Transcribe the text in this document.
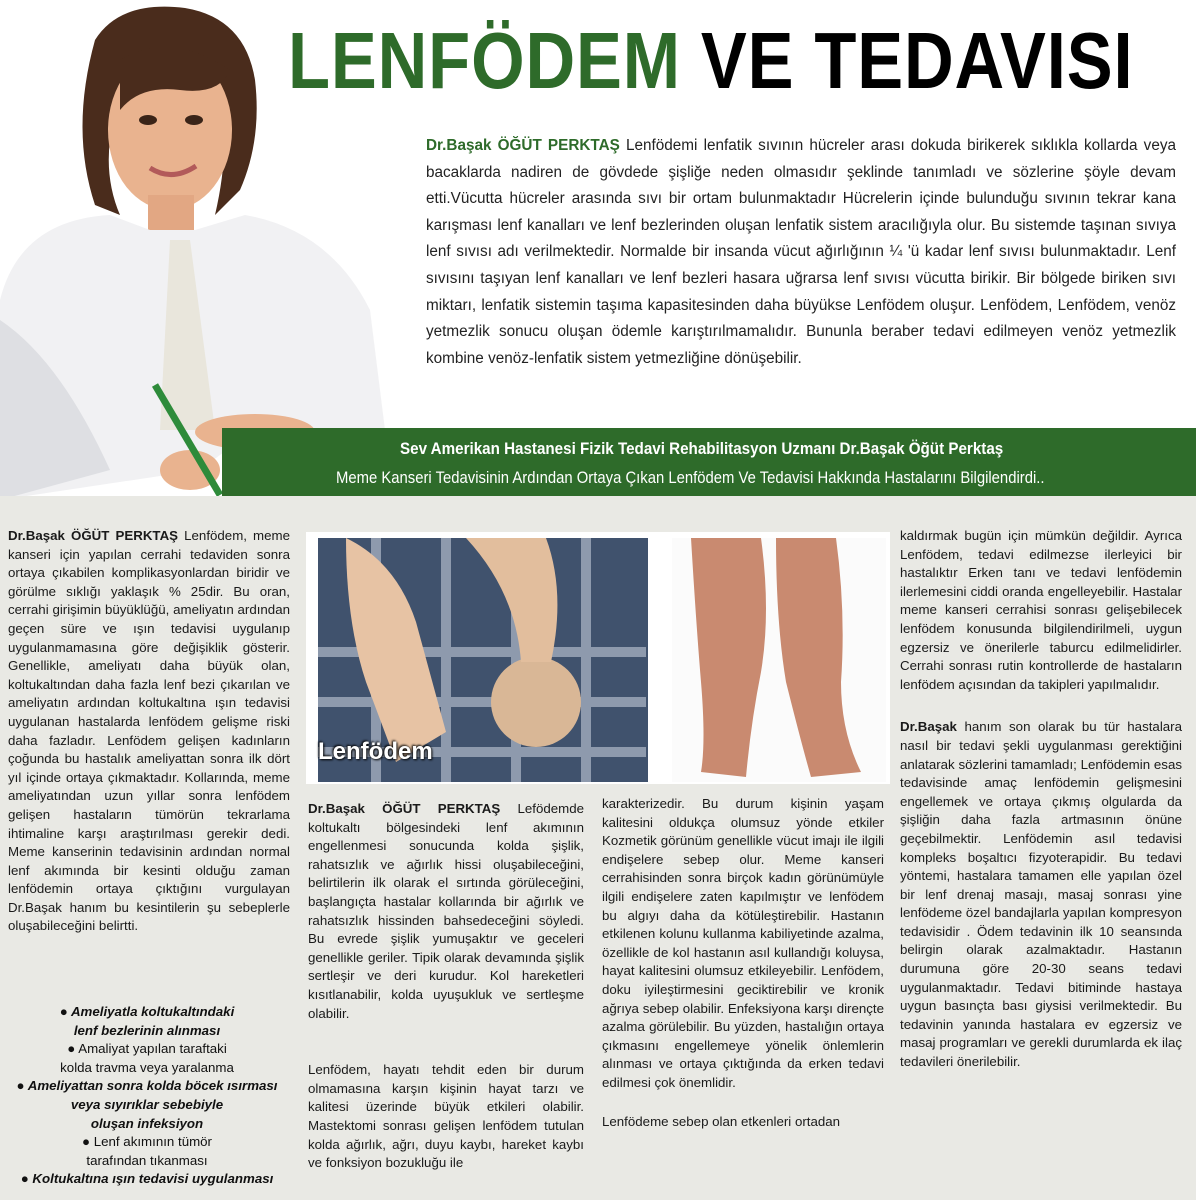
LENFÖDEM VE TEDAVISI
Dr.Başak ÖĞÜT PERKTAŞ Lenfödemi lenfatik sıvının hücreler arası dokuda birikerek sıklıkla kollarda veya bacaklarda nadiren de gövdede şişliğe neden olmasıdır şeklinde tanımladı ve sözlerine şöyle devam etti.Vücutta hücreler arasında sıvı bir ortam bulunmaktadır Hücrelerin içinde bulunduğu sıvının tekrar kana karışması lenf kanalları ve lenf bezlerinden oluşan lenfatik sistem aracılığıyla olur. Bu sistemde taşınan sıvıya lenf sıvısı adı verilmektedir. Normalde bir insanda vücut ağırlığının ¼ 'ü kadar lenf sıvısı bulunmaktadır. Lenf sıvısını taşıyan lenf kanalları ve lenf bezleri hasara uğrarsa lenf sıvısı vücutta birikir. Bir bölgede biriken sıvı miktarı, lenfatik sistemin taşıma kapasitesinden daha büyükse Lenfödem oluşur. Lenfödem, Lenfödem, venöz yetmezlik sonucu oluşan ödemle karıştırılmamalıdır. Bununla beraber tedavi edilmeyen venöz yetmezlik kombine venöz-lenfatik sistem yetmezliğine dönüşebilir.
Sev Amerikan Hastanesi Fizik Tedavi Rehabilitasyon Uzmanı Dr.Başak Öğüt Perktaş
Meme Kanseri Tedavisinin Ardından Ortaya Çıkan Lenfödem Ve Tedavisi Hakkında Hastalarını Bilgilendirdi..
Lenfödem

Dr.Başak ÖĞÜT PERKTAŞ Lenfödem, meme kanseri için yapılan cerrahi tedaviden sonra ortaya çıkabilen komplikasyonlardan biridir ve görülme sıklığı yaklaşık % 25dir. Bu oran, cerrahi girişimin büyüklüğü, ameliyatın ardından geçen süre ve ışın tedavisi uygulanıp uygulanmamasına göre değişiklik gösterir. Genellikle, ameliyatı daha büyük olan, koltukaltından daha fazla lenf bezi çıkarılan ve ameliyatın ardından koltukaltına ışın tedavisi uygulanan hastalarda lenfödem gelişme riski daha fazladır. Lenfödem gelişen kadınların çoğunda bu hastalık ameliyattan sonra ilk dört yıl içinde ortaya çıkmaktadır. Kollarında, meme ameliyatından uzun yıllar sonra lenfödem gelişen hastaların tümörün tekrarlama ihtimaline karşı araştırılması gerekir dedi. Meme kanserinin tedavisinin ardından normal lenf akımında bir kesinti olduğu zaman lenfödemin ortaya çıktığını vurgulayan Dr.Başak hanım bu kesintilerin şu sebeplerle oluşabileceğini belirtti.

● Ameliyatla koltukaltındaki
lenf bezlerinin alınması
● Amaliyat yapılan taraftaki
kolda travma veya yaralanma
● Ameliyattan sonra kolda böcek ısırması
veya sıyırıklar sebebiyle
oluşan infeksiyon
● Lenf akımının tümör
tarafından tıkanması
● Koltukaltına ışın tedavisi uygulanması

Dr.Başak ÖĞÜT PERKTAŞ Lefödemde koltukaltı bölgesindeki lenf akımının engellenmesi sonucunda kolda şişlik, rahatsızlık ve ağırlık hissi oluşabileceğini, belirtilerin ilk olarak el sırtında görüleceğini, başlangıçta hastalar kollarında bir ağırlık ve rahatsızlık hissinden bahsedeceğini söyledi. Bu evrede şişlik yumuşaktır ve geceleri genellikle geriler. Tipik olarak devamında şişlik sertleşir ve deri kurudur. Kol hareketleri kısıtlanabilir, kolda uyuşukluk ve sertleşme olabilir.

Lenfödem, hayatı tehdit eden bir durum olmamasına karşın kişinin hayat tarzı ve kalitesi üzerinde büyük etkileri olabilir. Mastektomi sonrası gelişen lenfödem tutulan kolda ağırlık, ağrı, duyu kaybı, hareket kaybı ve fonksiyon bozukluğu ile

karakterizedir. Bu durum kişinin yaşam kalitesini oldukça olumsuz yönde etkiler Kozmetik görünüm genellikle vücut imajı ile ilgili endişelere sebep olur. Meme kanseri cerrahisinden sonra birçok kadın görünümüyle ilgili endişelere zaten kapılmıştır ve lenfödem bu algıyı daha da kötüleştirebilir. Hastanın etkilenen kolunu kullanma kabiliyetinde azalma, özellikle de kol hastanın asıl kullandığı koluysa, hayat kalitesini olumsuz etkileyebilir. Lenfödem, doku iyileştirmesini geciktirebilir ve kronik ağrıya sebep olabilir. Enfeksiyona karşı dirençte azalma görülebilir. Bu yüzden, hastalığın ortaya çıkmasını engellemeye yönelik önlemlerin alınması ve ortaya çıktığında da erken tedavi edilmesi çok önemlidir.

Lenfödeme sebep olan etkenleri ortadan

kaldırmak bugün için mümkün değildir. Ayrıca Lenfödem, tedavi edilmezse ilerleyici bir hastalıktır Erken tanı ve tedavi lenfödemin ilerlemesini ciddi oranda engelleyebilir. Hastalar meme kanseri cerrahisi sonrası gelişebilecek lenfödem konusunda bilgilendirilmeli, uygun egzersiz ve önerilerle taburcu edilmelidirler. Cerrahi sonrası rutin kontrollerde de hastaların lenfödem açısından da takipleri yapılmalıdır.

Dr.Başak hanım son olarak bu tür hastalara nasıl bir tedavi şekli uygulanması gerektiğini anlatarak sözlerini tamamladı; Lenfödemin esas tedavisinde amaç lenfödemin gelişmesini engellemek ve ortaya çıkmış olgularda da şişliğin daha fazla artmasının önüne geçebilmektir. Lenfödemin asıl tedavisi kompleks boşaltıcı fizyoterapidir. Bu tedavi yöntemi, hastalara tamamen elle yapılan özel bir lenf drenaj masajı, masaj sonrası yine lenfödeme özel bandajlarla yapılan kompresyon tedavisidir . Ödem tedavinin ilk 10 seansında belirgin olarak azalmaktadır. Hastanın durumuna göre 20-30 seans tedavi uygulanmaktadır. Tedavi bitiminde hastaya uygun basınçta bası giysisi verilmektedir. Bu tedavinin yanında hastalara ev egzersiz ve masaj programları ve gerekli durumlarda ek ilaç tedavileri önerilebilir.
